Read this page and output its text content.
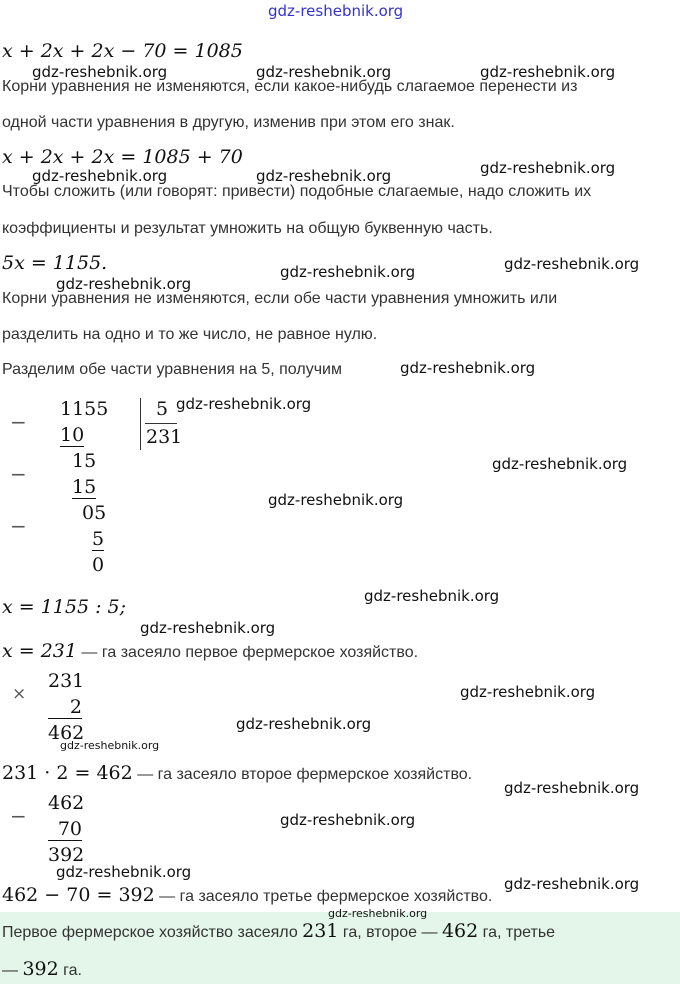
gdz-reshebnik.org
x + 2x + 2x − 70 = 1085
gdz-reshebnik.org	gdz-reshebnik.org	gdz-reshebnik.org
Корни уравнения не изменяются, если какое-нибудь слагаемое перенести из
одной части уравнения в другую, изменив при этом его знак.
x + 2x + 2x = 1085 + 70
gdz-reshebnik.org	gdz-reshebnik.org	gdz-reshebnik.org
Чтобы сложить (или говорят: привести) подобные слагаемые, надо сложить их
коэффициенты и результат умножить на общую буквенную часть.
5x = 1155.
gdz-reshebnik.org
gdz-reshebnik.org	gdz-reshebnik.org
Корни уравнения не изменяются, если обе части уравнения умножить или
разделить на одно и то же число, не равное нулю.
Разделим обе части уравнения на 5, получим	gdz-reshebnik.org
−
1155	5
231
gdz-reshebnik.org
10
−
15
15
gdz-reshebnik.org
−
05
gdz-reshebnik.org
5
0
x = 1155 : 5;	gdz-reshebnik.org
gdz-reshebnik.org
x = 231 — га засеяло первое фермерское хозяйство.
×
231
2
462
gdz-reshebnik.org
gdz-reshebnik.org
gdz-reshebnik.org
231 · 2 = 462 — га засеяло второе фермерское хозяйство.
gdz-reshebnik.org
−
462
70
392
gdz-reshebnik.org
gdz-reshebnik.org
462 − 70 = 392 — га засеяло третье фермерское хозяйство.
gdz-reshebnik.org
gdz-reshebnik.org
Первое фермерское хозяйство засеяло 231 га, второе — 462 га, третье
— 392 га.
